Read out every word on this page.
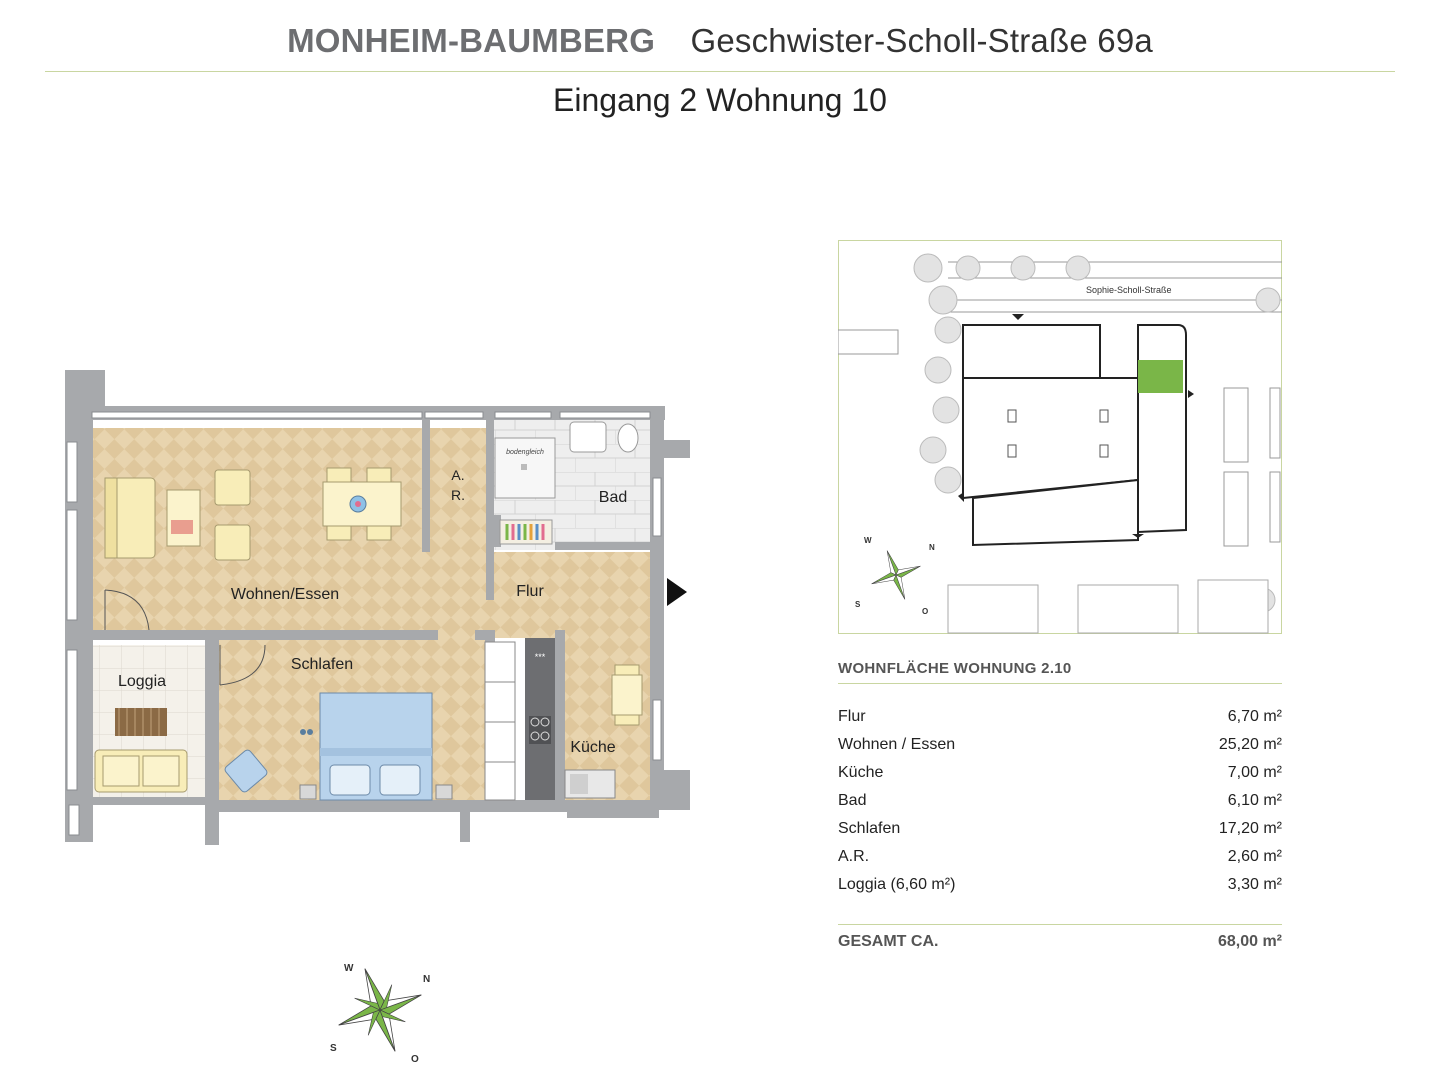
MONHEIM-BAUMBERG Geschwister-Scholl-Straße 69a
Eingang 2 Wohnung 10
Wohnen/Essen
A.
R.	Bad
bodengleich
Flur
Schlafen
Loggia
Küche
***
W
N
S
O
Sophie-Scholl-Straße
W
N
S
O
WOHNFLÄCHE WOHNUNG 2.10
Flur	6,70 m²
Wohnen / Essen	25,20 m²
Küche	7,00 m²
Bad	6,10 m²
Schlafen	17,20 m²
A.R.	2,60 m²
Loggia (6,60 m²)	3,30 m²
GESAMT CA.	68,00 m²
